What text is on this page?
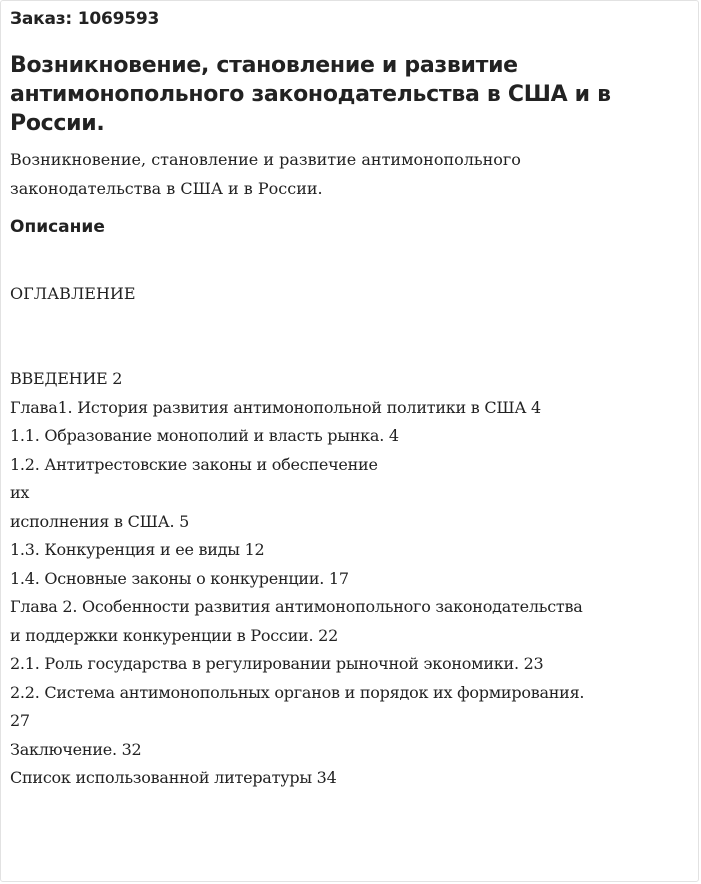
Заказ: 1069593
Возникновение, становление и развитие антимонопольного законодательства в США и в России.
Возникновение, становление и развитие антимонопольного
законодательства в США и в России.
Описание
ОГЛАВЛЕНИЕ
ВВЕДЕНИЕ 2
Глава1. История развития антимонопольной политики в США 4
1.1. Образование монополий и власть рынка. 4
1.2. Антитрестовские законы и обеспечение
их
исполнения в США. 5
1.3. Конкуренция и ее виды 12
1.4. Основные законы о конкуренции. 17
Глава 2. Особенности развития антимонопольного законодательства
и поддержки конкуренции в России. 22
2.1. Роль государства в регулировании рыночной экономики. 23
2.2. Система антимонопольных органов и порядок их формирования.
27
Заключение. 32
Список использованной литературы 34
